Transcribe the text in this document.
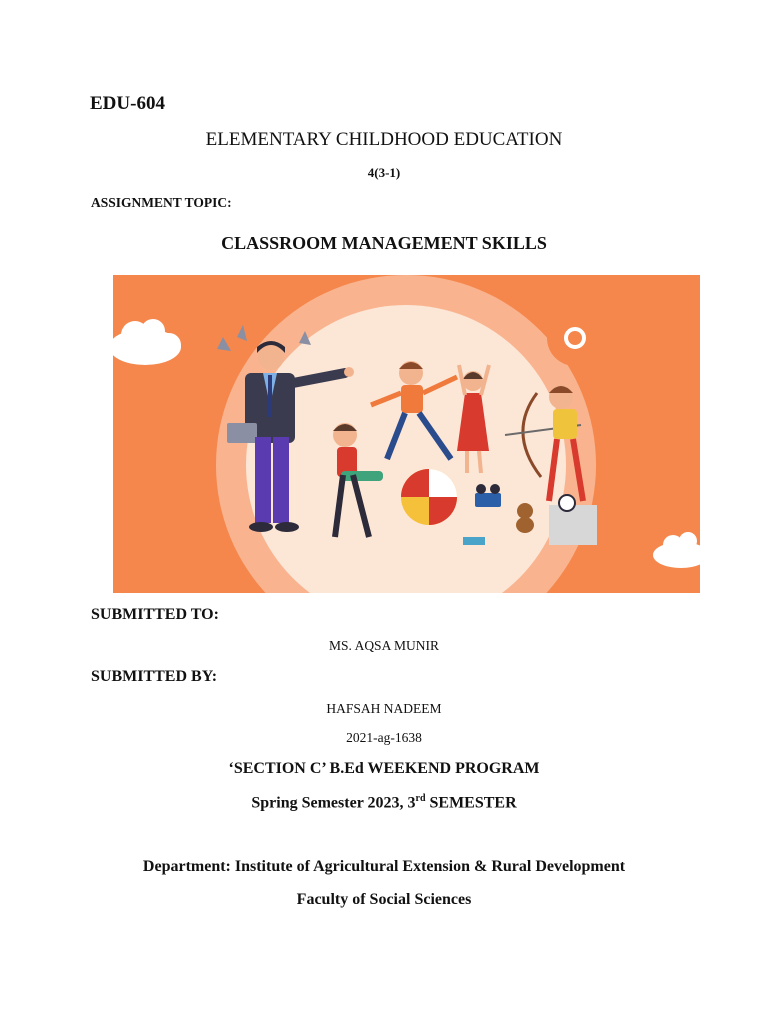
EDU-604
ELEMENTARY CHILDHOOD EDUCATION
4(3-1)
ASSIGNMENT TOPIC:
CLASSROOM MANAGEMENT SKILLS
SUBMITTED TO:
MS. AQSA MUNIR
SUBMITTED BY:
HAFSAH NADEEM
2021-ag-1638
‘SECTION C’ B.Ed WEEKEND PROGRAM
Spring Semester 2023, 3rd SEMESTER
Department: Institute of Agricultural Extension & Rural Development
Faculty of Social Sciences
